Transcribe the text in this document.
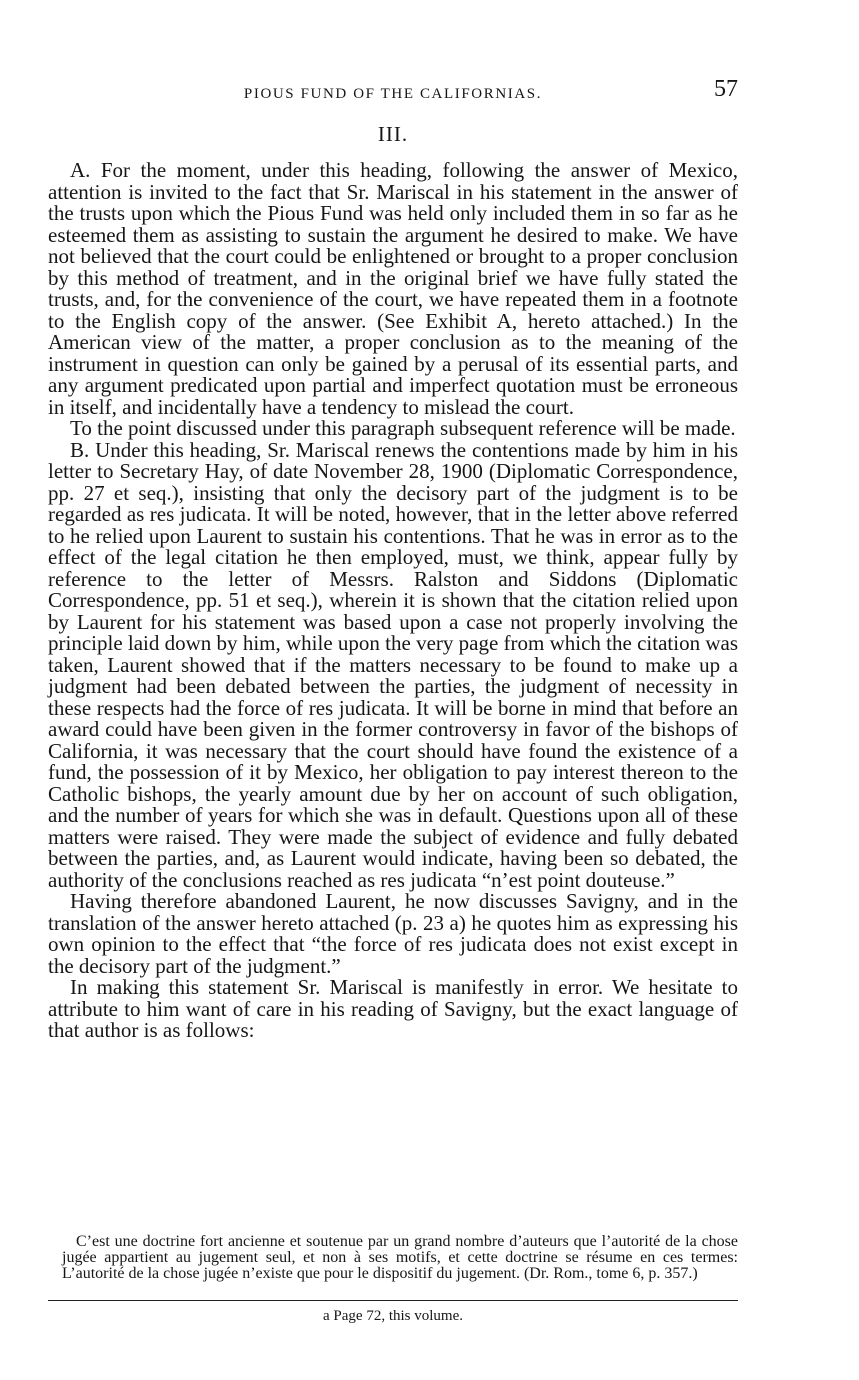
PIOUS FUND OF THE CALIFORNIAS.	57
III.

A. For the moment, under this heading, following the answer of Mexico, attention is invited to the fact that Sr. Mariscal in his statement in the answer of the trusts upon which the Pious Fund was held only included them in so far as he esteemed them as assisting to sustain the argument he desired to make. We have not believed that the court could be enlightened or brought to a proper conclusion by this method of treatment, and in the original brief we have fully stated the trusts, and, for the convenience of the court, we have repeated them in a footnote to the English copy of the answer. (See Exhibit A, hereto attached.) In the American view of the matter, a proper conclusion as to the meaning of the instrument in question can only be gained by a perusal of its essential parts, and any argument predicated upon partial and imperfect quotation must be erroneous in itself, and incidentally have a tendency to mislead the court.

To the point discussed under this paragraph subsequent reference will be made.

B. Under this heading, Sr. Mariscal renews the contentions made by him in his letter to Secretary Hay, of date November 28, 1900 (Diplomatic Correspondence, pp. 27 et seq.), insisting that only the decisory part of the judgment is to be regarded as res judicata. It will be noted, however, that in the letter above referred to he relied upon Laurent to sustain his contentions. That he was in error as to the effect of the legal citation he then employed, must, we think, appear fully by reference to the letter of Messrs. Ralston and Siddons (Diplomatic Correspondence, pp. 51 et seq.), wherein it is shown that the citation relied upon by Laurent for his statement was based upon a case not properly involving the principle laid down by him, while upon the very page from which the citation was taken, Laurent showed that if the matters necessary to be found to make up a judgment had been debated between the parties, the judgment of necessity in these respects had the force of res judicata. It will be borne in mind that before an award could have been given in the former controversy in favor of the bishops of California, it was necessary that the court should have found the existence of a fund, the possession of it by Mexico, her obligation to pay interest thereon to the Catholic bishops, the yearly amount due by her on account of such obligation, and the number of years for which she was in default. Questions upon all of these matters were raised. They were made the subject of evidence and fully debated between the parties, and, as Laurent would indicate, having been so debated, the authority of the conclusions reached as res judicata “n’est point douteuse.”

Having therefore abandoned Laurent, he now discusses Savigny, and in the translation of the answer hereto attached (p. 23 a) he quotes him as expressing his own opinion to the effect that “the force of res judicata does not exist except in the decisory part of the judgment.”

In making this statement Sr. Mariscal is manifestly in error. We hesitate to attribute to him want of care in his reading of Savigny, but the exact language of that author is as follows:

C’est une doctrine fort ancienne et soutenue par un grand nombre d’auteurs que l’autorité de la chose jugée appartient au jugement seul, et non à ses motifs, et cette doctrine se résume en ces termes: L’autorité de la chose jugée n’existe que pour le dispositif du jugement. (Dr. Rom., tome 6, p. 357.)

a Page 72, this volume.
